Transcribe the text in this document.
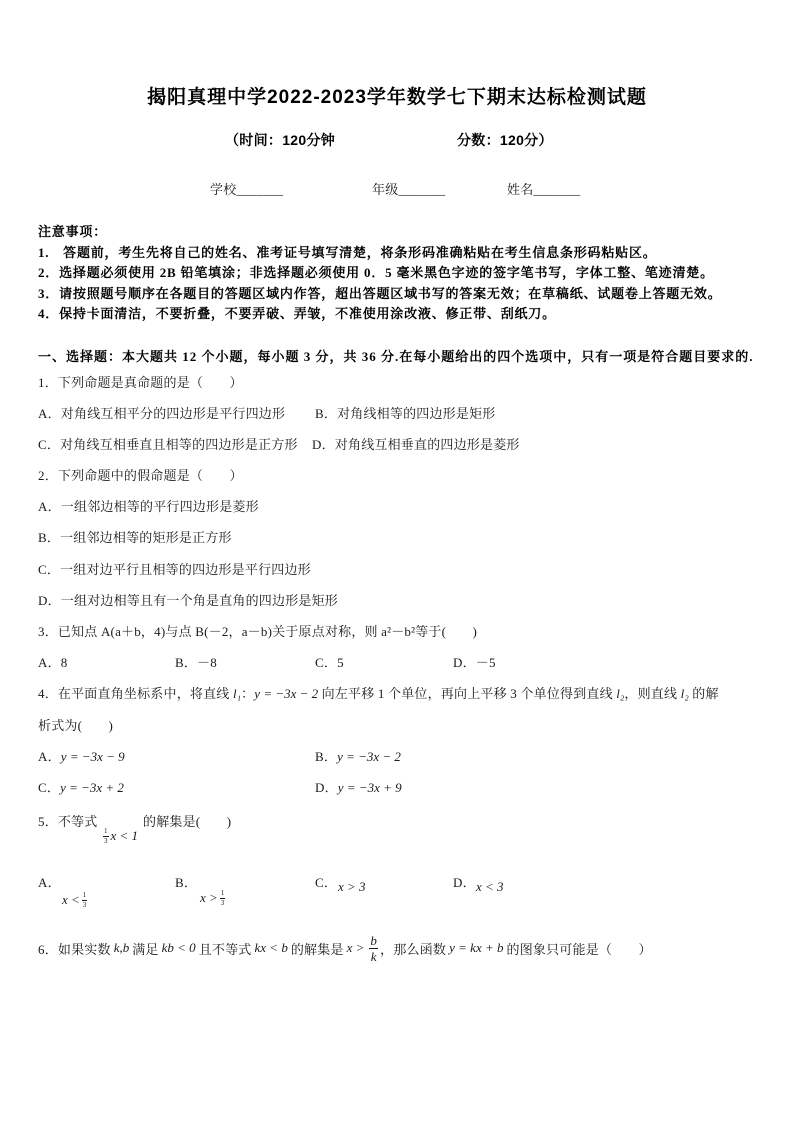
揭阳真理中学2022-2023学年数学七下期末达标检测试题
（时间：120分钟	分数：120分）
学校_______	年级_______	姓名_______
注意事项：
1.　答题前，考生先将自己的姓名、准考证号填写清楚，将条形码准确粘贴在考生信息条形码粘贴区。
2．选择题必须使用 2B 铅笔填涂；非选择题必须使用 0．5 毫米黑色字迹的签字笔书写，字体工整、笔迹清楚。
3．请按照题号顺序在各题目的答题区域内作答，超出答题区域书写的答案无效；在草稿纸、试题卷上答题无效。
4．保持卡面清洁，不要折叠，不要弄破、弄皱，不准使用涂改液、修正带、刮纸刀。
一、选择题：本大题共 12 个小题，每小题 3 分，共 36 分.在每小题给出的四个选项中，只有一项是符合题目要求的.
1．下列命题是真命题的是（　　）
A．对角线互相平分的四边形是平行四边形 B．对角线相等的四边形是矩形
C．对角线互相垂直且相等的四边形是正方形 D．对角线互相垂直的四边形是菱形
2．下列命题中的假命题是（　　）
A．一组邻边相等的平行四边形是菱形
B．一组邻边相等的矩形是正方形
C．一组对边平行且相等的四边形是平行四边形
D．一组对边相等且有一个角是直角的四边形是矩形
3．已知点 A(a＋b，4)与点 B(－2，a－b)关于原点对称，则 a²－b²等于(　　)
A．8	B．－8	C．5	D．－5
4．在平面直角坐标系中，将直线 l₁：y = −3x − 2 向左平移 1 个单位，再向上平移 3 个单位得到直线 l₂，则直线 l₂ 的解
析式为(　　)
A．y = −3x − 9	B．y = −3x − 2
C．y = −3x + 2	D．y = −3x + 9
5．不等式
$\frac{1}{3}$ x < 1
的解集是(　　)
A．
$x < \frac{1}{3}$
B．
$x > \frac{1}{3}$
C． x > 3	D． x < 3
6．如果实数 k,b 满足 kb < 0 且不等式 kx < b 的解集是 $x > \frac{b}{k}$ ，那么函数 y = kx + b 的图象只可能是（　　）
